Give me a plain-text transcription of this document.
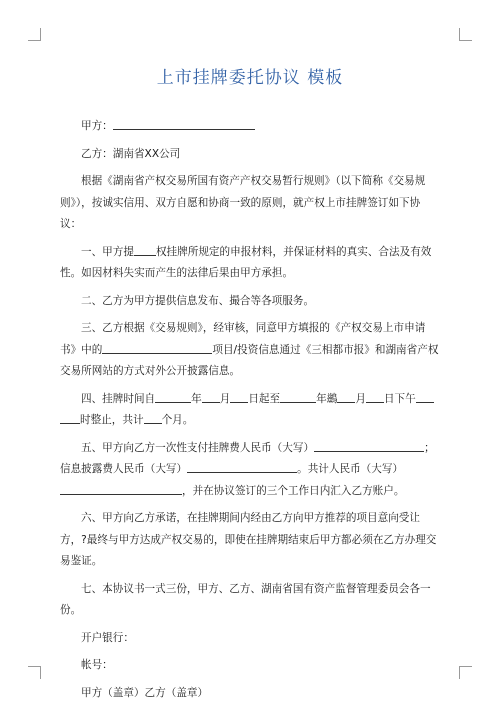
上市挂牌委托协议 模板

甲方：

乙方：湖南省XX公司

根据《湖南省产权交易所国有资产产权交易暂行规则》（以下简称《交易规则》），按诚实信用、双方自愿和协商一致的原则，就产权上市挂牌签订如下协议：

一、甲方提 权挂牌所规定的申报材料，并保证材料的真实、合法及有效性。如因材料失实而产生的法律后果由甲方承担。

二、乙方为甲方提供信息发布、撮合等各项服务。

三、乙方根据《交易规则》，经审核，同意甲方填报的《产权交易上市申请书》中的	项目/投资信息通过《三相都市报》和湖南省产权交易所网站的方式对外公开披露信息。

四、挂牌时间自	年 月 日起至	年鷀 月 日下午时整止，共计 个月。

五、甲方向乙方一次性支付挂牌费人民币（大写）	；信息披露费人民币（大写）	。共计人民币（大写），并在协议签订的三个工作日内汇入乙方账户。

六、甲方向乙方承诺，在挂牌期间内经由乙方向甲方推荐的项目意向受让方，?最终与甲方达成产权交易的，即使在挂牌期结束后甲方都必须在乙方办理交易鉴证。

七、本协议书一式三份，甲方、乙方、湖南省国有资产监督管理委员会各一份。

开户银行：

帐号：

甲方（盖章）乙方（盖章）
